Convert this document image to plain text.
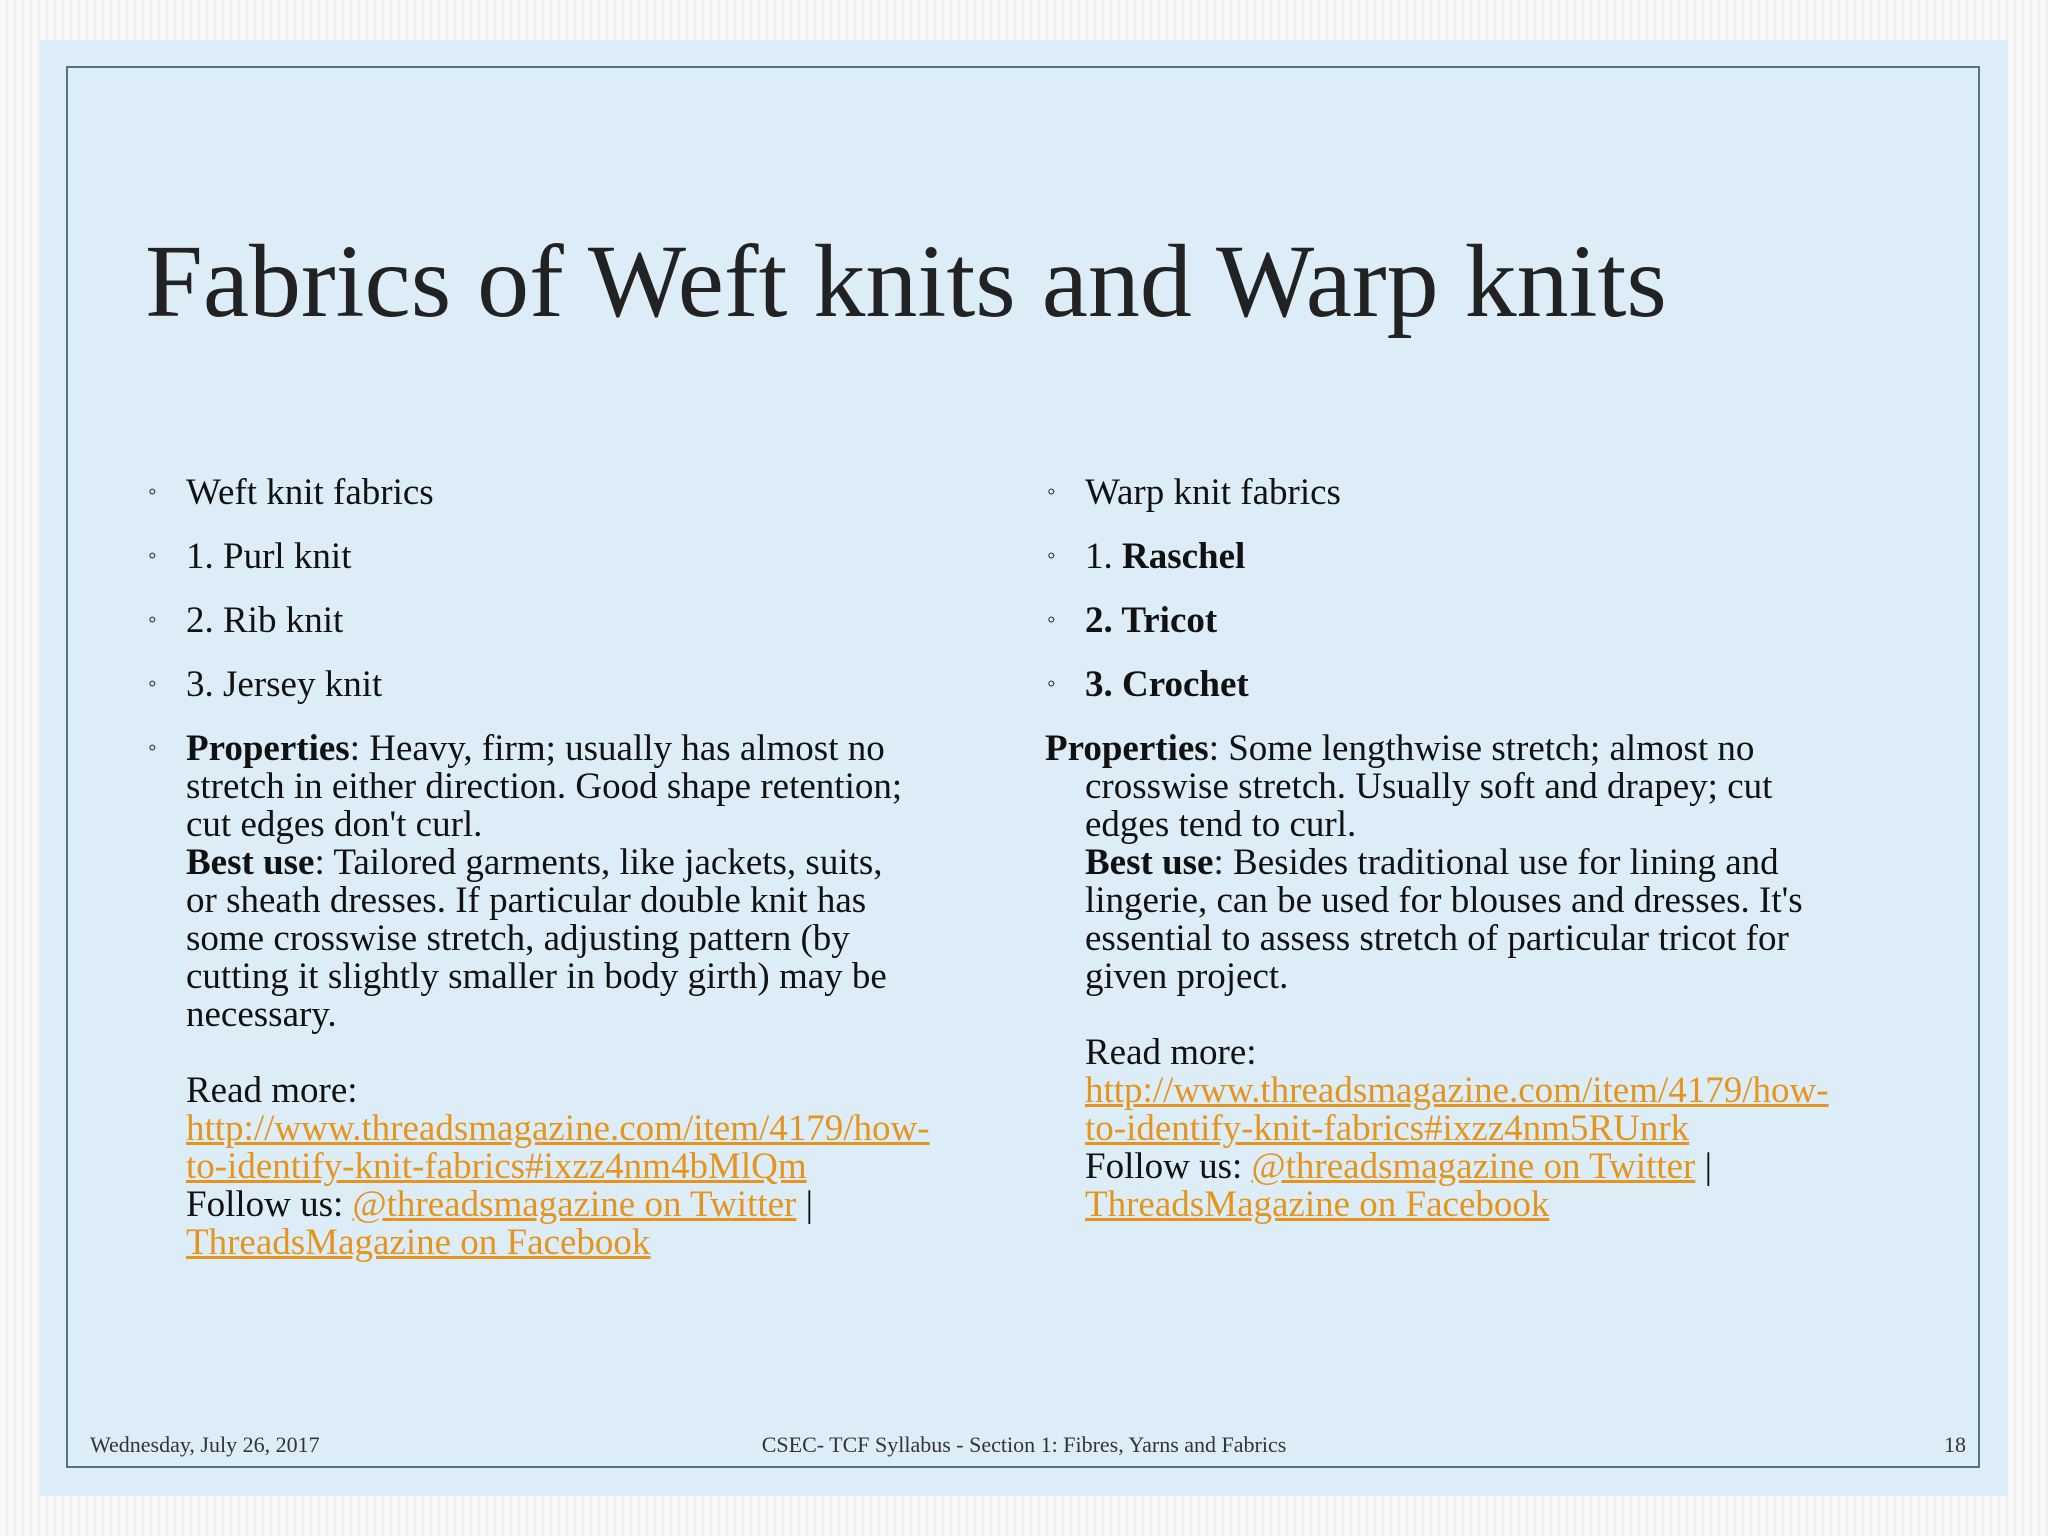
Fabrics of Weft knits and Warp knits
◦ Weft knit fabrics
◦ 1. Purl knit
◦ 2. Rib knit
◦ 3. Jersey knit
◦ Properties: Heavy, firm; usually has almost no stretch in either direction. Good shape retention; cut edges don't curl.
Best use: Tailored garments, like jackets, suits, or sheath dresses. If particular double knit has some crosswise stretch, adjusting pattern (by cutting it slightly smaller in body girth) may be necessary.
Read more: http://www.threadsmagazine.com/item/4179/how-to-identify-knit-fabrics#ixzz4nm4bMlQm
Follow us: @threadsmagazine on Twitter | ThreadsMagazine on Facebook
◦ Warp knit fabrics
◦ 1. Raschel
◦ 2. Tricot
◦ 3. Crochet
Properties: Some lengthwise stretch; almost no crosswise stretch. Usually soft and drapey; cut edges tend to curl.
Best use: Besides traditional use for lining and lingerie, can be used for blouses and dresses. It's essential to assess stretch of particular tricot for given project.
Read more: http://www.threadsmagazine.com/item/4179/how-to-identify-knit-fabrics#ixzz4nm5RUnrk
Follow us: @threadsmagazine on Twitter | ThreadsMagazine on Facebook
Wednesday, July 26, 2017	CSEC- TCF Syllabus - Section 1: Fibres, Yarns and Fabrics	18
